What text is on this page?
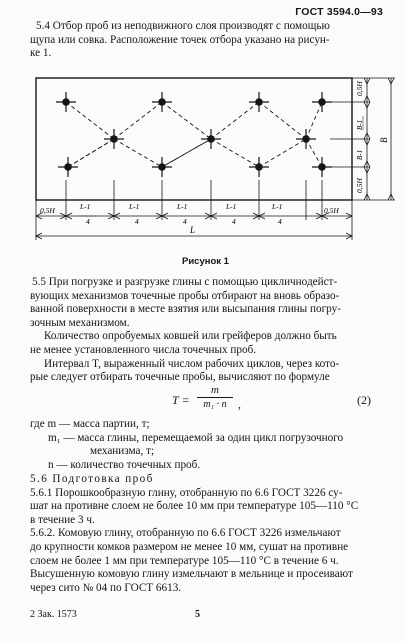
ГОСТ 3594.0—93
5.4 Отбор проб из неподвижного слоя производят с помощью
щупа или совка. Расположение точек отбора указано на рисун-
ке 1.
0,5H
B-1
B-1
0,5H
B
0,5H	L-1
4
L-1
4
L-1
4
L-1
4
L-1
4
0,5H
L
Рисунок 1
5.5 При погрузке и разгрузке глины с помощью цикличнодейст-
вующих механизмов точечные пробы отбирают на вновь образо-
ванной поверхности в месте взятия или высыпания глины погру-
зочным механизмом.
Количество опробуемых ковшей или грейферов должно быть
не менее установленного числа точечных проб.
Интервал T, выраженный числом рабочих циклов, через кото-
рые следует отбирать точечные пробы, вычисляют по формуле
T =
m
m₁ · n ,	(2)
где m — масса партии, т;
m₁ — масса глины, перемещаемой за один цикл погрузочного
механизма, т;
n — количество точечных проб.
5.6 Подготовка проб
5.6.1 Порошкообразную глину, отобранную по 6.6 ГОСТ 3226 су-
шат на противне слоем не более 10 мм при температуре 105—110 °С
в течение 3 ч.
5.6.2. Комовую глину, отобранную по 6.6 ГОСТ 3226 измельчают
до крупности комков размером не менее 10 мм, сушат на противне
слоем не более 1 мм при температуре 105—110 °С в течение 6 ч.
Высушенную комовую глину измельчают в мельнице и просеивают
через сито № 04 по ГОСТ 6613.
2 Зак. 1573	5
